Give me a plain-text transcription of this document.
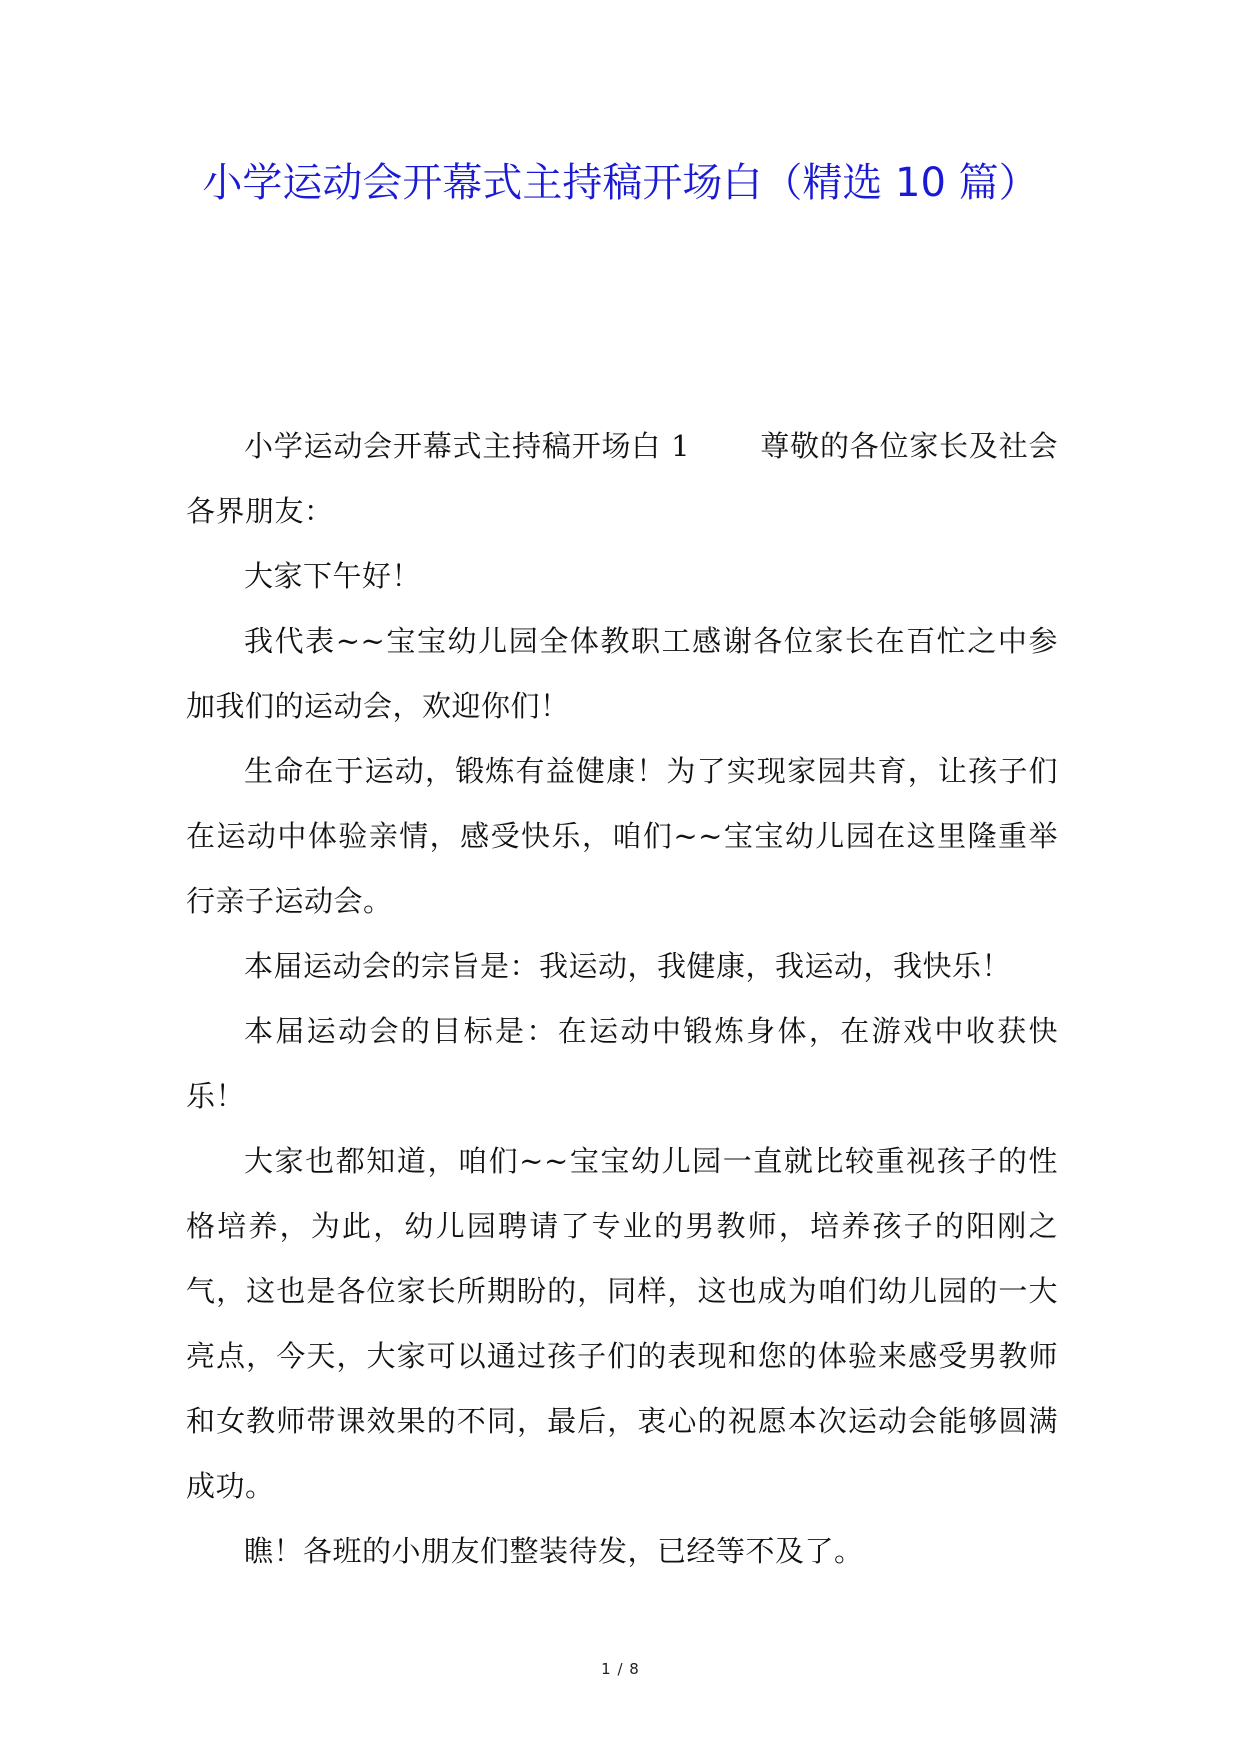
小学运动会开幕式主持稿开场白（精选 10 篇）

小学运动会开幕式主持稿开场白 1 尊敬的各位家长及社会各界朋友：

大家下午好！

我代表~~宝宝幼儿园全体教职工感谢各位家长在百忙之中参加我们的运动会，欢迎你们！

生命在于运动，锻炼有益健康！为了实现家园共育，让孩子们在运动中体验亲情，感受快乐，咱们~~宝宝幼儿园在这里隆重举行亲子运动会。

本届运动会的宗旨是：我运动，我健康，我运动，我快乐！

本届运动会的目标是：在运动中锻炼身体，在游戏中收获快乐！

大家也都知道，咱们~~宝宝幼儿园一直就比较重视孩子的性格培养，为此，幼儿园聘请了专业的男教师，培养孩子的阳刚之气，这也是各位家长所期盼的，同样，这也成为咱们幼儿园的一大亮点，今天，大家可以通过孩子们的表现和您的体验来感受男教师和女教师带课效果的不同，最后，衷心的祝愿本次运动会能够圆满成功。

瞧！各班的小朋友们整装待发，已经等不及了。

1 / 8
